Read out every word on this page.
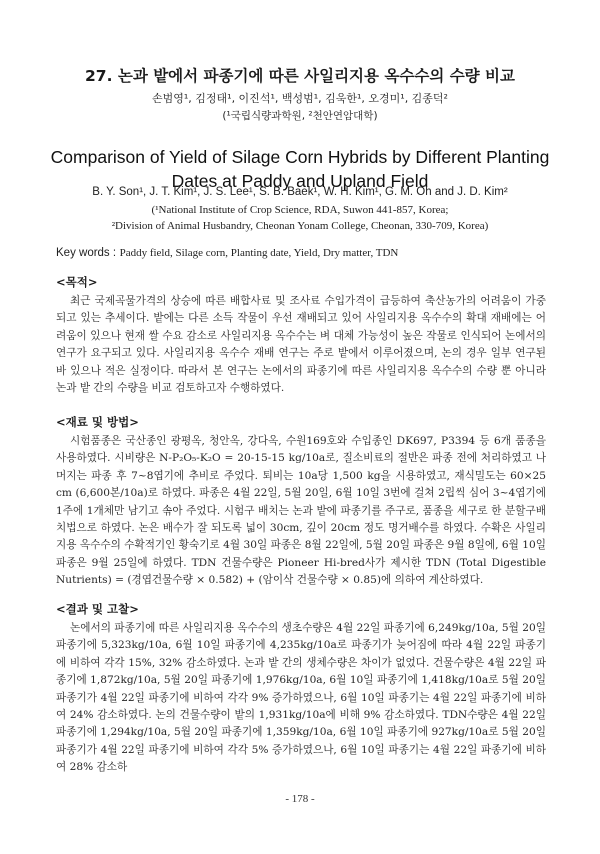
27. 논과 밭에서 파종기에 따른 사일리지용 옥수수의 수량 비교
손범영¹, 김정태¹, 이진석¹, 백성범¹, 김욱한¹, 오경미¹, 김종덕²
(¹국립식량과학원, ²천안연암대학)
Comparison of Yield of Silage Corn Hybrids by Different Planting Dates at Paddy and Upland Field
B. Y. Son¹, J. T. Kim¹, J. S. Lee¹, S. B. Baek¹, W. H. Kim¹, G. M. Oh and J. D. Kim²
(¹National Institute of Crop Science, RDA, Suwon 441-857, Korea;
²Division of Animal Husbandry, Cheonan Yonam College, Cheonan, 330-709, Korea)
Key words : Paddy field, Silage corn, Planting date, Yield, Dry matter, TDN
<목적>
최근 국제곡물가격의 상승에 따른 배합사료 및 조사료 수입가격이 급등하여 축산농가의 어려움이 가중되고 있는 추세이다. 밭에는 다른 소득 작물이 우선 재배되고 있어 사일리지용 옥수수의 확대 재배에는 어려움이 있으나 현재 쌀 수요 감소로 사일리지용 옥수수는 벼 대체 가능성이 높은 작물로 인식되어 논에서의 연구가 요구되고 있다. 사일리지용 옥수수 재배 연구는 주로 밭에서 이루어졌으며, 논의 경우 일부 연구된 바 있으나 적은 실정이다. 따라서 본 연구는 논에서의 파종기에 따른 사일리지용 옥수수의 수량 뿐 아니라 논과 밭 간의 수량을 비교 검토하고자 수행하였다.
<재료 및 방법>
시험품종은 국산종인 광평옥, 청안옥, 강다옥, 수원169호와 수입종인 DK697, P3394 등 6개 품종을 사용하였다. 시비량은 N-P₂O₅-K₂O = 20-15-15 kg/10a로, 질소비료의 절반은 파종 전에 처리하였고 나머지는 파종 후 7~8엽기에 추비로 주었다. 퇴비는 10a당 1,500 kg을 시용하였고, 재식밀도는 60×25 cm (6,600본/10a)로 하였다. 파종은 4월 22일, 5월 20일, 6월 10일 3번에 걸쳐 2립씩 심어 3~4엽기에 1주에 1개체만 남기고 솎아 주었다. 시험구 배치는 논과 밭에 파종기를 주구로, 품종을 세구로 한 분할구배치법으로 하였다. 논은 배수가 잘 되도록 넓이 30cm, 깊이 20cm 정도 명거배수를 하였다. 수확은 사일리지용 옥수수의 수확적기인 황숙기로 4월 30일 파종은 8월 22일에, 5월 20일 파종은 9월 8일에, 6월 10일 파종은 9월 25일에 하였다. TDN 건물수량은 Pioneer Hi-bred사가 제시한 TDN (Total Digestible Nutrients) = (경엽건물수량 × 0.582) + (암이삭 건물수량 × 0.85)에 의하여 계산하였다.
<결과 및 고찰>
논에서의 파종기에 따른 사일리지용 옥수수의 생초수량은 4월 22일 파종기에 6,249kg/10a, 5월 20일 파종기에 5,323kg/10a, 6월 10일 파종기에 4,235kg/10a로 파종기가 늦어짐에 따라 4월 22일 파종기에 비하여 각각 15%, 32% 감소하였다. 논과 밭 간의 생체수량은 차이가 없었다. 건물수량은 4월 22일 파종기에 1,872kg/10a, 5월 20일 파종기에 1,976kg/10a, 6월 10일 파종기에 1,418kg/10a로 5월 20일 파종기가 4월 22일 파종기에 비하여 각각 9% 증가하였으나, 6월 10일 파종기는 4월 22일 파종기에 비하여 24% 감소하였다. 논의 건물수량이 밭의 1,931kg/10a에 비해 9% 감소하였다. TDN수량은 4월 22일 파종기에 1,294kg/10a, 5월 20일 파종기에 1,359kg/10a, 6월 10일 파종기에 927kg/10a로 5월 20일 파종기가 4월 22일 파종기에 비하여 각각 5% 증가하였으나, 6월 10일 파종기는 4월 22일 파종기에 비하여 28% 감소하
- 178 -
